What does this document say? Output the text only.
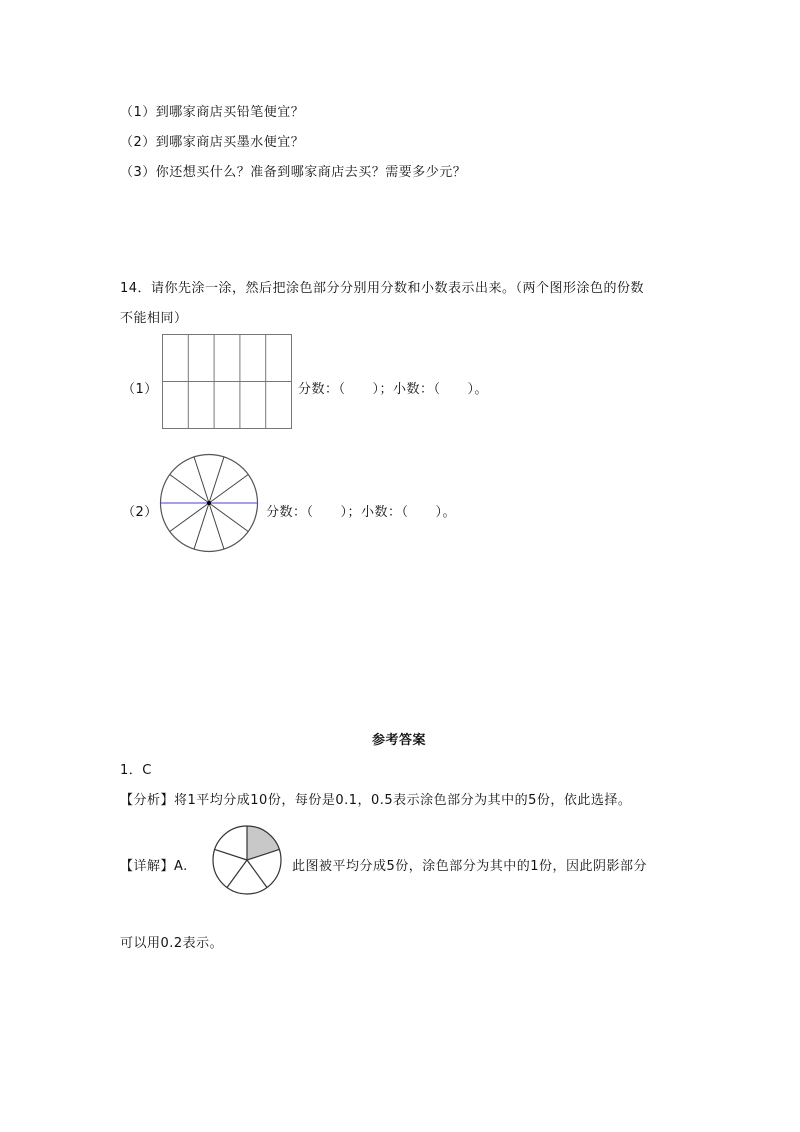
（1）到哪家商店买铅笔便宜？
（2）到哪家商店买墨水便宜？
（3）你还想买什么？准备到哪家商店去买？需要多少元？
14．请你先涂一涂，然后把涂色部分分别用分数和小数表示出来。（两个图形涂色的份数
不能相同）
（1）	分数：（　　）；小数：（　　）。
（2）	分数：（　　）；小数：（　　）。
参考答案
1．C
【分析】将1平均分成10份，每份是0.1，0.5表示涂色部分为其中的5份，依此选择。
【详解】A.	此图被平均分成5份，涂色部分为其中的1份，因此阴影部分
可以用0.2表示。
